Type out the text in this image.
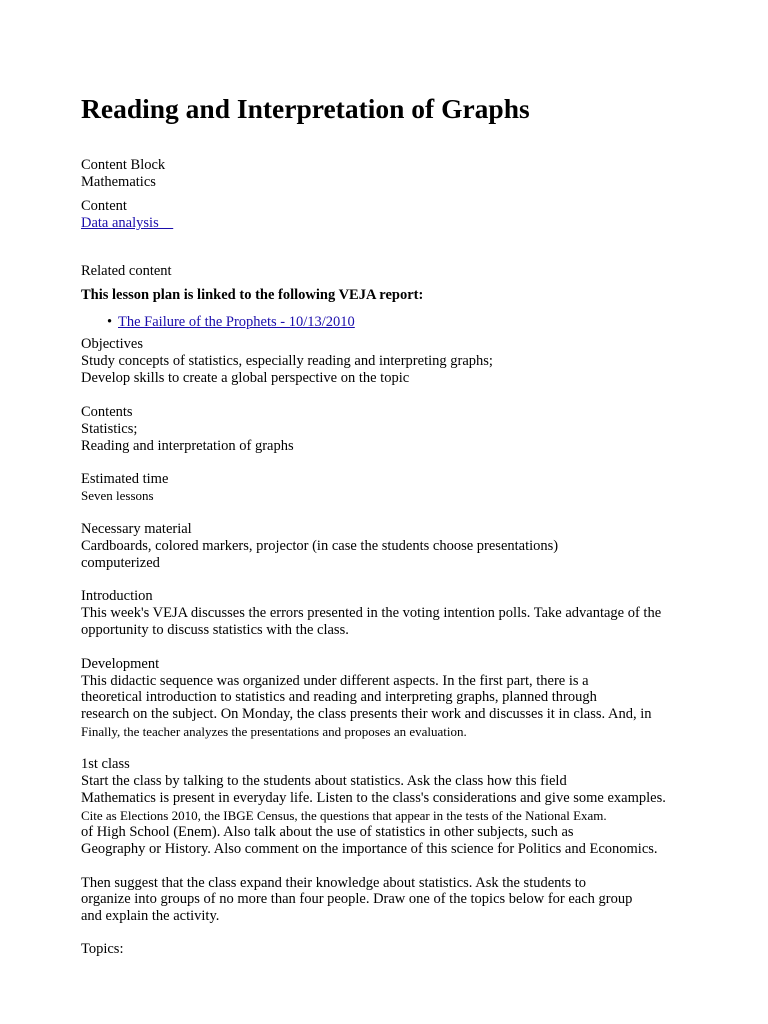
Reading and Interpretation of Graphs
Content Block
Mathematics
Content
Data analysis
Related content
This lesson plan is linked to the following VEJA report:
• The Failure of the Prophets - 10/13/2010
Objectives
Study concepts of statistics, especially reading and interpreting graphs;
Develop skills to create a global perspective on the topic
Contents
Statistics;
Reading and interpretation of graphs
Estimated time
Seven lessons
Necessary material
Cardboards, colored markers, projector (in case the students choose presentations)
computerized
Introduction
This week's VEJA discusses the errors presented in the voting intention polls. Take advantage of the
opportunity to discuss statistics with the class.
Development
This didactic sequence was organized under different aspects. In the first part, there is a
theoretical introduction to statistics and reading and interpreting graphs, planned through
research on the subject. On Monday, the class presents their work and discusses it in class. And, in
Finally, the teacher analyzes the presentations and proposes an evaluation.
1st class
Start the class by talking to the students about statistics. Ask the class how this field
Mathematics is present in everyday life. Listen to the class's considerations and give some examples.
Cite as Elections 2010, the IBGE Census, the questions that appear in the tests of the National Exam.
of High School (Enem). Also talk about the use of statistics in other subjects, such as
Geography or History. Also comment on the importance of this science for Politics and Economics.
Then suggest that the class expand their knowledge about statistics. Ask the students to
organize into groups of no more than four people. Draw one of the topics below for each group
and explain the activity.
Topics:
